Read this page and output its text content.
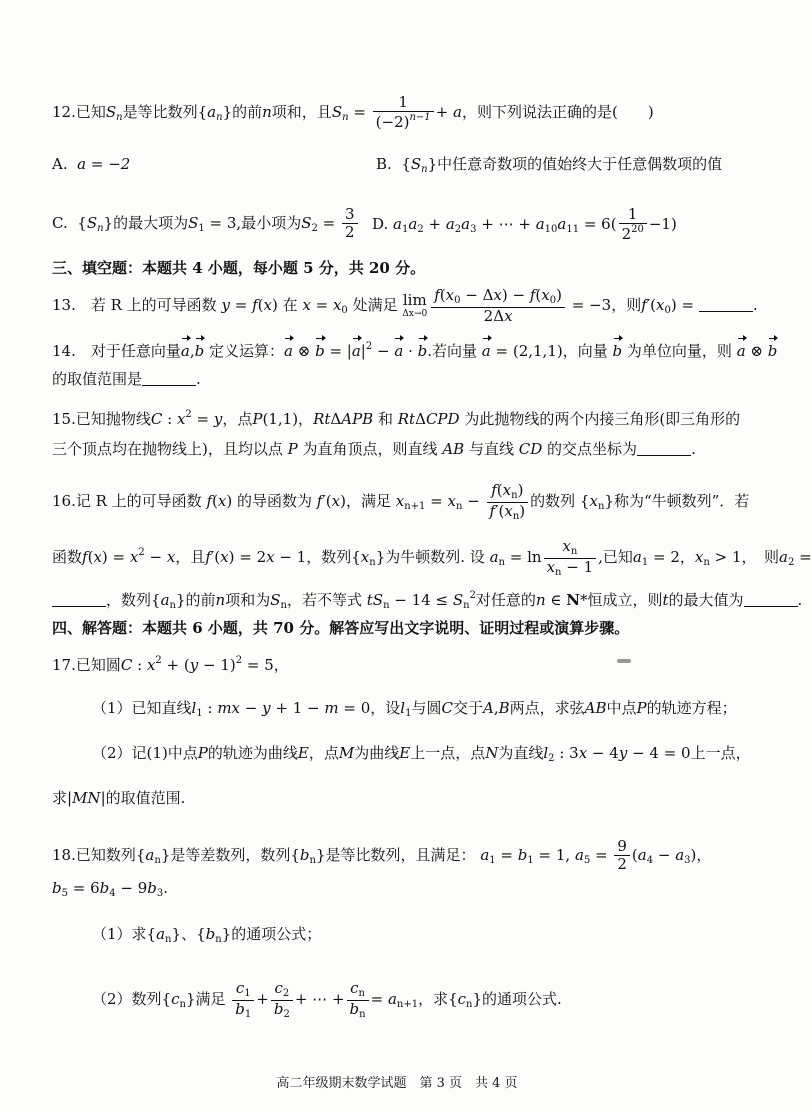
12.已知$S_n$是等比数列$\{a_n\}$的前n项和，且$S_n = \frac{1}{(-2)^{n-1}} + a$，则下列说法正确的是(　　)
A. a = −2	B.  $\{S_n\}$中任意奇数项的值始终大于任意偶数项的值
C.  $\{S_n\}$的最大项为$S_1 = 3$,最小项为$S_2 = \frac{3}{2} D$. $a_1a_2 + a_2a_3$ + ⋯ + $a_{10}a_{11} = 6( \frac{1}{2^{20}} -1)$
三、填空题：本题共 4 小题，每小题 5 分，共 20 分。
13.　若 R 上的可导函数 y = f(x) 在 $x = x_0$ 处满足 lim
$\Delta x\to 0 \frac{f(x_0 - \Delta x) - f(x_0)}{2\Delta x} = -3$，则$f'(x_0)$ =	.
14.　对于任意向量a,b 定义运算：a ⊗ $b = |a|^2 - a \cdot b$.若向量 a = (2,1,1)，向量 b 为单位向量，则 a ⊗ b
的取值范围是	.
15.已知抛物线C : $x^2 = y$，点P(1,1)，RtΔAPB 和 RtΔCPD 为此抛物线的两个内接三角形(即三角形的
三个顶点均在抛物线上)，且均以点 P 为直角顶点，则直线 AB 与直线 CD 的交点坐标为	.
16.记 R 上的可导函数 f(x) 的导函数为 f′(x)，满足 $x_{n+1} = x_n - \frac{f(x_n)}{f'(x_n)}$ 的数列 $\{x_n\}$称为“牛顿数列”．若
函数$f(x) = x^2 - x$，且f′(x) = 2x − 1，数列$\{x_n\}$为牛顿数列. 设 $a_n = \ln \frac{x_n}{x_n - 1}$ ,已知$a_1 = 2$，$x_n > 1$，　则$a_2$ =
，数列$\{a_n\}$的前n项和为$S_n$，若不等式 $tS_n - 14 \le S_n^2$对任意的n ∈ N*恒成立，则t的最大值为	.
四、解答题：本题共 6 小题，共 70 分。解答应写出文字说明、证明过程或演算步骤。
17.已知圆C : $x^2 + (y - 1)^2 = 5$，
（1）已知直线$l_1$ : mx − y + 1 − m = 0，设$l_1$与圆C交于A,B两点，求弦AB中点P的轨迹方程；
（2）记(1)中点P的轨迹为曲线E，点M为曲线E上一点，点N为直线$l_2$ : 3x − 4y − 4 = 0上一点，
求|MN|的取值范围.
18.已知数列$\{a_n\}$是等差数列，数列$\{b_n\}$是等比数列，且满足： $a_1 = b_1 = 1$, $a_5 = \frac{9}{2} (a_4 - a_3)$，
$b_5 = 6b_4 - 9b_3$.
（1）求$\{a_n\}$、$\{b_n\}$的通项公式；
（2）数列$\{c_n\}$满足 $\frac{c_1}{b_1} + \frac{c_2}{b_2}$ + ⋯ + $\frac{c_n}{b_n} = a_{n+1}$，求$\{c_n\}$的通项公式.
高二年级期末数学试题　第 3 页　共 4 页
